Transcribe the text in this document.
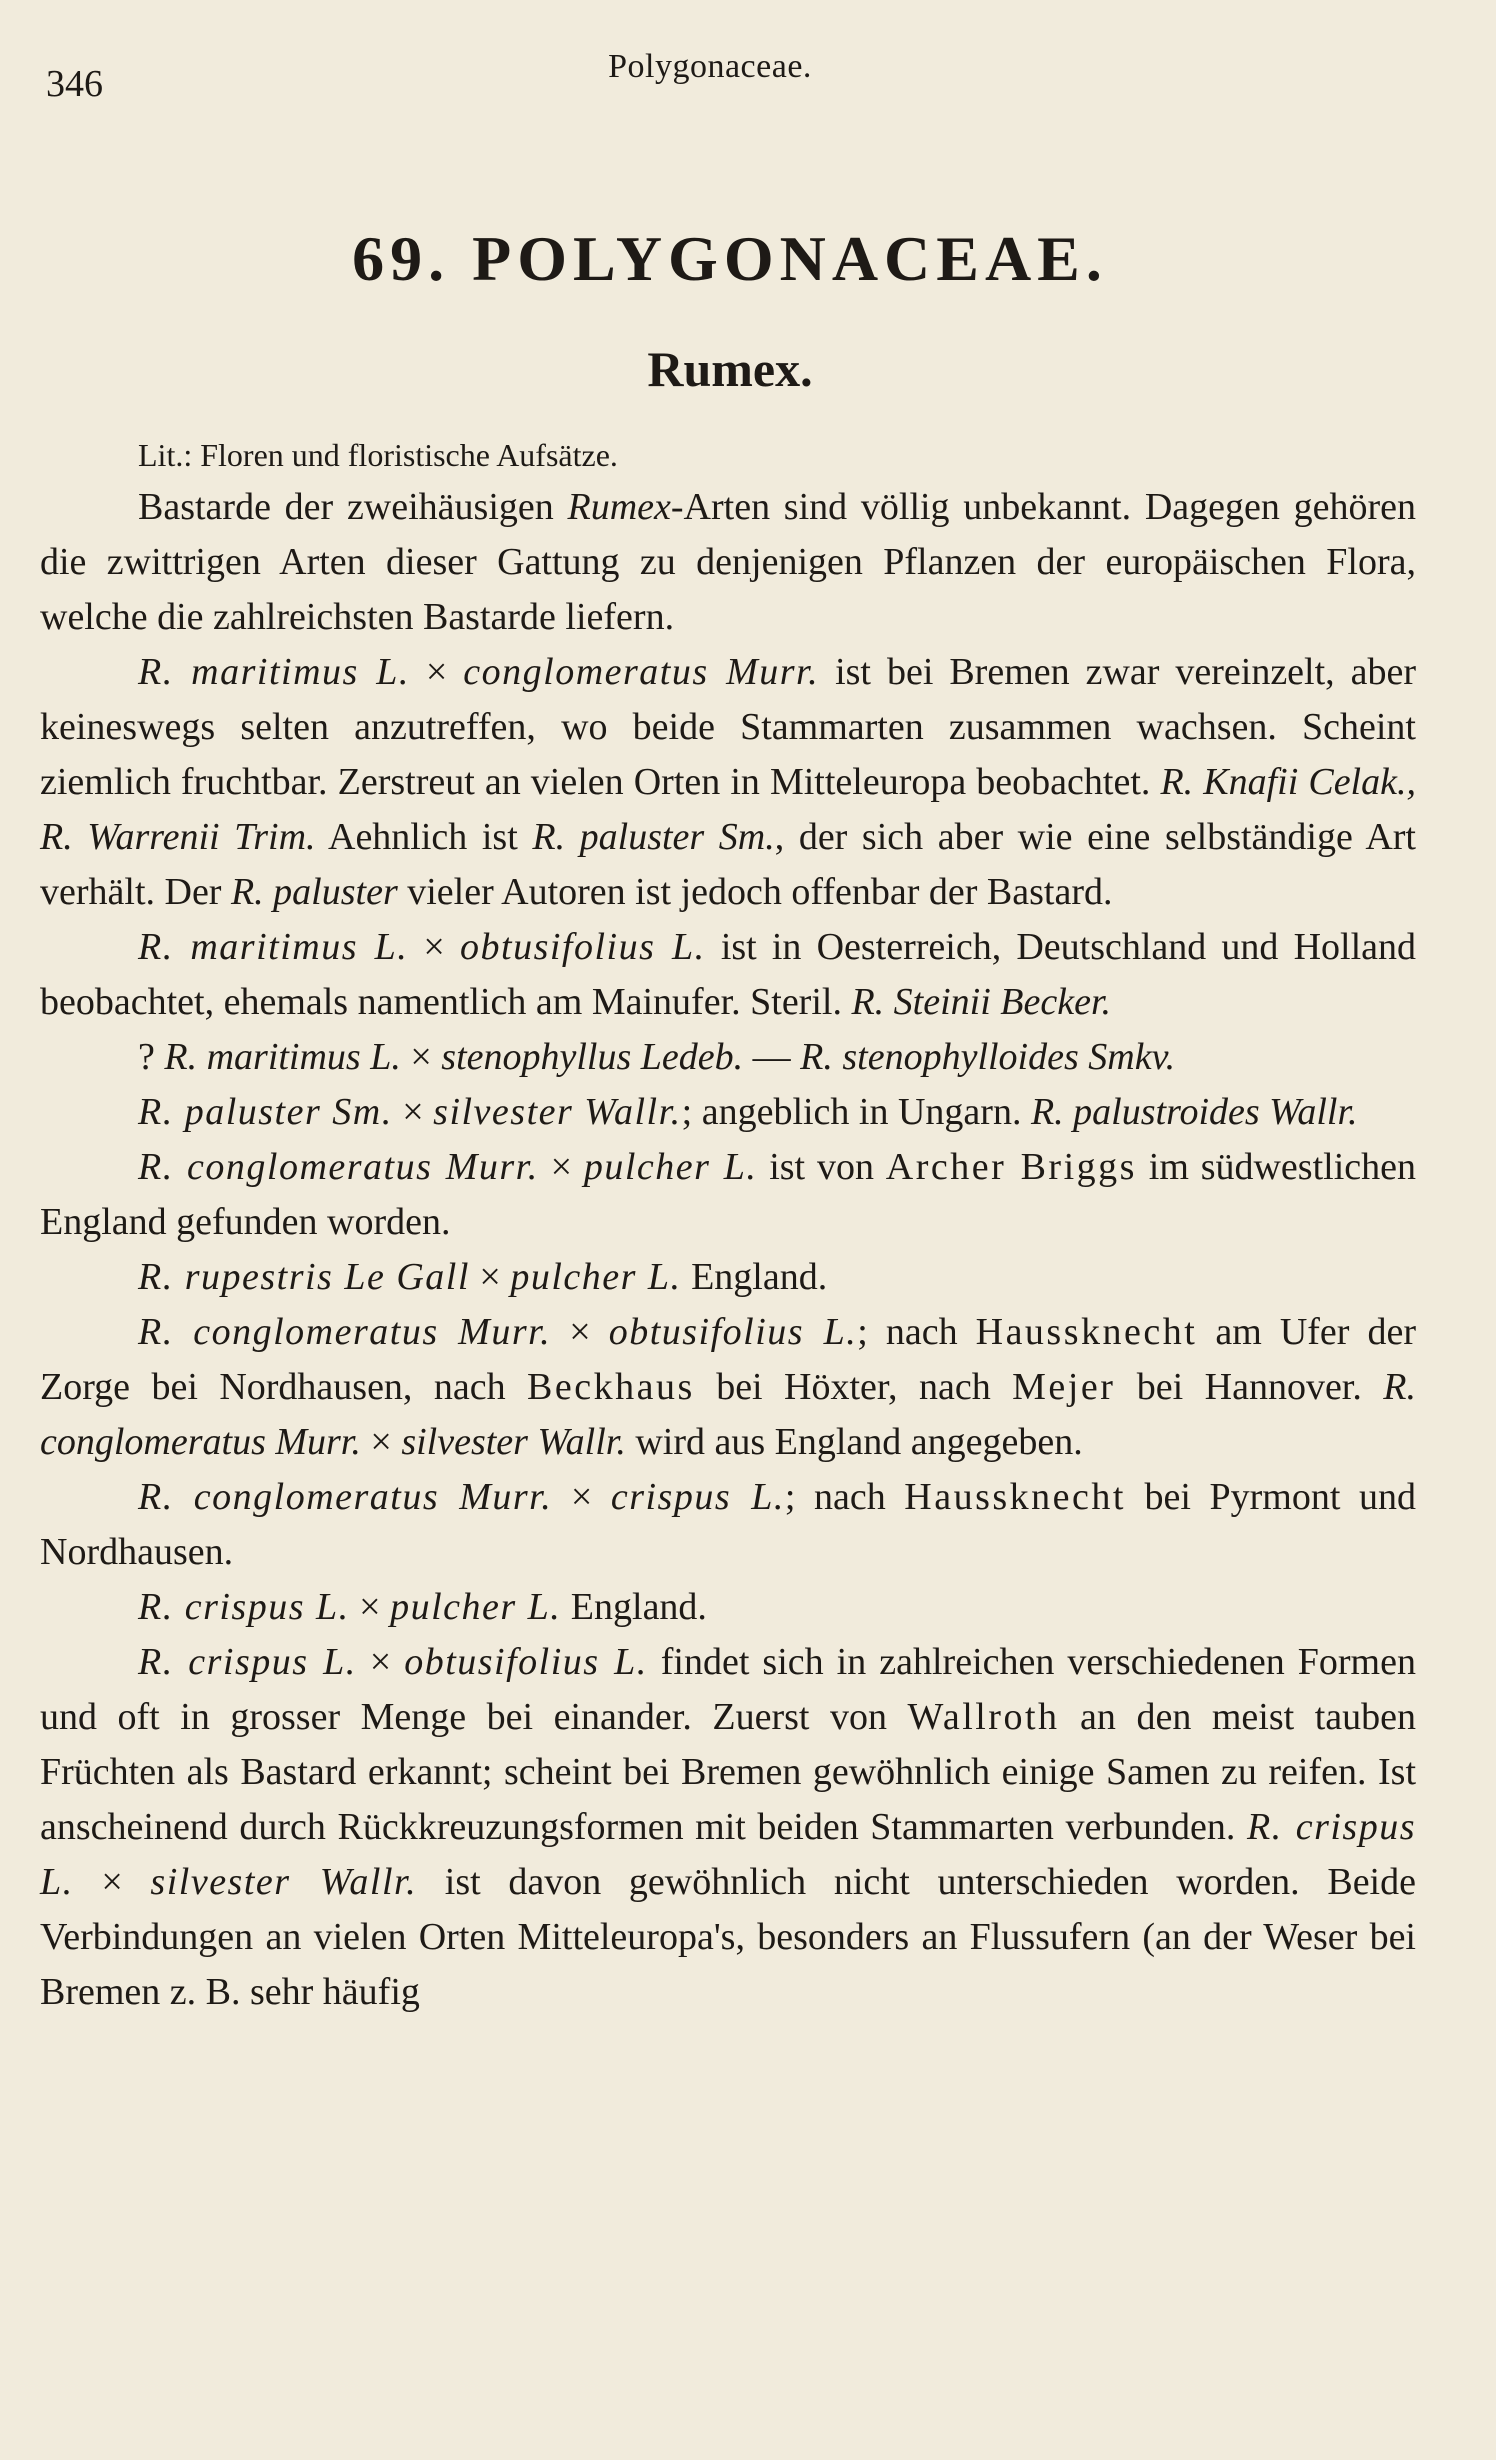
346	Polygonaceae.
69. POLYGONACEAE.
Rumex.

Lit.: Floren und floristische Aufsätze.

Bastarde der zweihäusigen Rumex-Arten sind völlig unbekannt. Dagegen gehören die zwittrigen Arten dieser Gattung zu denjenigen Pflanzen der europäischen Flora, welche die zahlreichsten Bastarde liefern.

R. maritimus L. × conglomeratus Murr. ist bei Bremen zwar vereinzelt, aber keineswegs selten anzutreffen, wo beide Stammarten zusammen wachsen. Scheint ziemlich fruchtbar. Zerstreut an vielen Orten in Mitteleuropa beobachtet. R. Knafii Celak., R. Warrenii Trim. Aehnlich ist R. paluster Sm., der sich aber wie eine selbständige Art verhält. Der R. paluster vieler Autoren ist jedoch offenbar der Bastard.

R. maritimus L. × obtusifolius L. ist in Oesterreich, Deutschland und Holland beobachtet, ehemals namentlich am Mainufer. Steril. R. Steinii Becker.

? R. maritimus L. × stenophyllus Ledeb. — R. stenophylloides Smkv.

R. paluster Sm. × silvester Wallr.; angeblich in Ungarn. R. palustroides Wallr.

R. conglomeratus Murr. × pulcher L. ist von Archer Briggs im südwestlichen England gefunden worden.

R. rupestris Le Gall × pulcher L. England.

R. conglomeratus Murr. × obtusifolius L.; nach Haussknecht am Ufer der Zorge bei Nordhausen, nach Beckhaus bei Höxter, nach Mejer bei Hannover. R. conglomeratus Murr. × silvester Wallr. wird aus England angegeben.

R. conglomeratus Murr. × crispus L.; nach Haussknecht bei Pyrmont und Nordhausen.

R. crispus L. × pulcher L. England.

R. crispus L. × obtusifolius L. findet sich in zahlreichen verschiedenen Formen und oft in grosser Menge bei einander. Zuerst von Wallroth an den meist tauben Früchten als Bastard erkannt; scheint bei Bremen gewöhnlich einige Samen zu reifen. Ist anscheinend durch Rückkreuzungsformen mit beiden Stammarten verbunden. R. crispus L. × silvester Wallr. ist davon gewöhnlich nicht unterschieden worden. Beide Verbindungen an vielen Orten Mitteleuropa's, besonders an Flussufern (an der Weser bei Bremen z. B. sehr häufig
